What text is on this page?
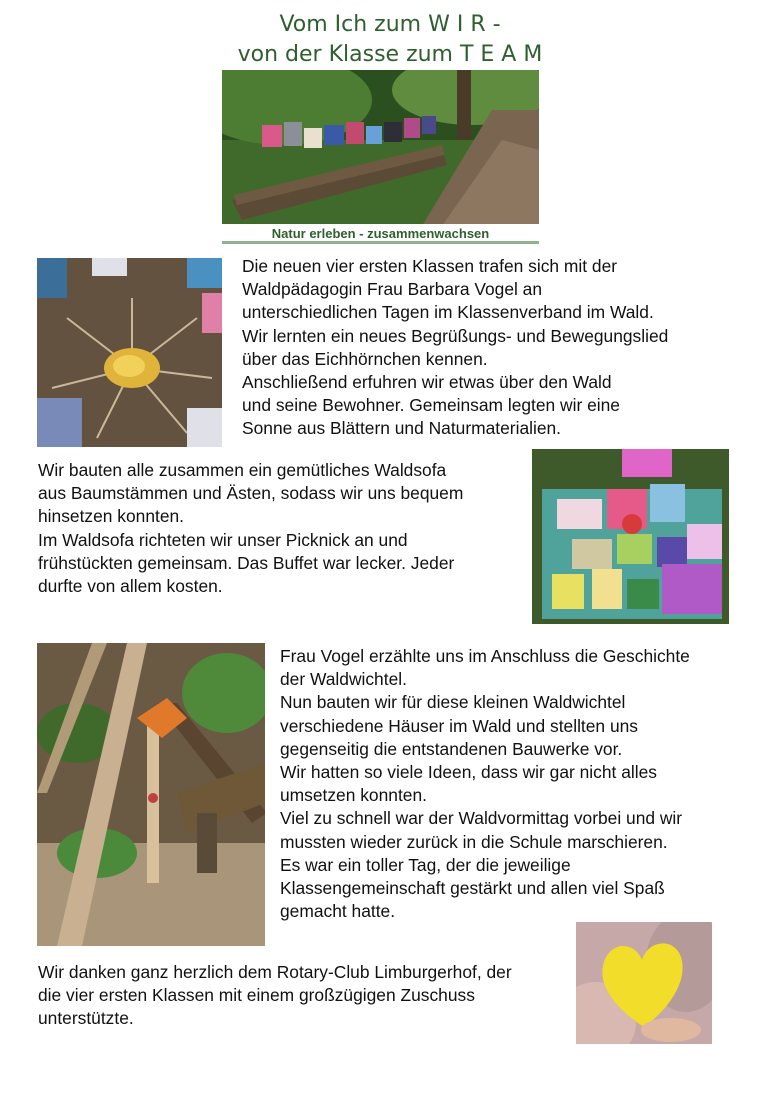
Vom Ich zum W I R -
von der Klasse zum T E A M
Natur erleben - zusammenwachsen
Die neuen vier ersten Klassen trafen sich mit der
Waldpädagogin Frau Barbara Vogel an
unterschiedlichen Tagen im Klassenverband im Wald.
Wir lernten ein neues Begrüßungs- und Bewegungslied
über das Eichhörnchen kennen.
Anschließend erfuhren wir etwas über den Wald
und seine Bewohner. Gemeinsam legten wir eine
Sonne aus Blättern und Naturmaterialien.
Wir bauten alle zusammen ein gemütliches Waldsofa
aus Baumstämmen und Ästen, sodass wir uns bequem
hinsetzen konnten.
Im Waldsofa richteten wir unser Picknick an und
frühstückten gemeinsam. Das Buffet war lecker. Jeder
durfte von allem kosten.
Frau Vogel erzählte uns im Anschluss die Geschichte
der Waldwichtel.
Nun bauten wir für diese kleinen Waldwichtel
verschiedene Häuser im Wald und stellten uns
gegenseitig die entstandenen Bauwerke vor.
Wir hatten so viele Ideen, dass wir gar nicht alles
umsetzen konnten.
Viel zu schnell war der Waldvormittag vorbei und wir
mussten wieder zurück in die Schule marschieren.
Es war ein toller Tag, der die jeweilige
Klassengemeinschaft gestärkt und allen viel Spaß
gemacht hatte.
Wir danken ganz herzlich dem Rotary-Club Limburgerhof, der
die vier ersten Klassen mit einem großzügigen Zuschuss
unterstützte.
